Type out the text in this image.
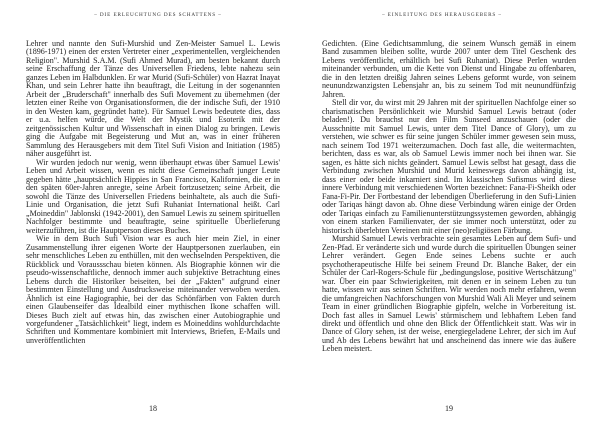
– DIE ERLEUCHTUNG DES SCHATTENS –

Lehrer und nannte den Sufi-Murshid und Zen-Meister Samuel L. Lewis (1896-1971) einen der ersten Vertreter einer „experimentellen, vergleichenden Religion". Murshid S.A.M. (Sufi Ahmed Murad), am besten bekannt durch seine Erschaffung der Tänze des Universellen Friedens, lebte nahezu sein ganzes Leben im Halbdunklen. Er war Murid (Sufi-Schüler) von Hazrat Inayat Khan, und sein Lehrer hatte ihn beauftragt, die Leitung in der sogenannten Arbeit der „Bruderschaft" innerhalb des Sufi Movement zu übernehmen (der letzten einer Reihe von Organisationsformen, die der indische Sufi, der 1910 in den Westen kam, gegründet hatte). Für Samuel Lewis bedeutete dies, dass er u.a. helfen würde, die Welt der Mystik und Esoterik mit der zeitgenössischen Kultur und Wissenschaft in einen Dialog zu bringen. Lewis ging die Aufgabe mit Begeisterung und Mut an, was in einer früheren Sammlung des Herausgebers mit dem Titel Sufi Vision and Initiation (1985) näher ausgeführt ist.

Wir wurden jedoch nur wenig, wenn überhaupt etwas über Samuel Lewis' Leben und Arbeit wissen, wenn es nicht diese Gemeinschaft junger Leute gegeben hätte „hauptsächlich Hippies in San Francisco, Kalifornien, die er in den späten 60er-Jahren anregte, seine Arbeit fortzusetzen; seine Arbeit, die sowohl die Tänze des Universellen Friedens beinhaltete, als auch die Sufi-Linie und Organisation, die jetzt Sufi Ruhaniat International heißt. Carl „Moineddin" Jablonski (1942-2001), den Samuel Lewis zu seinem spirituellen Nachfolger bestimmte und beauftragte, seine spirituelle Überlieferung weiterzuführen, ist die Hauptperson dieses Buches.

Wie in dem Buch Sufi Vision war es auch hier mein Ziel, in einer Zusammenstellung ihrer eigenen Worte der Hauptpersonen zuerlauben, ein sehr menschliches Leben zu enthüllen, mit den wechselnden Perspektiven, die Rückblick und Voraussschau bieten können. Als Biographie können wir die pseudo-wissenschaftliche, dennoch immer auch subjektive Betrachtung eines Lebens durch die Historiker beiseiten, bei der „Fakten" aufgrund einer bestimmten Einstellung und Ausdrucksweise miteinander verwoben werden. Ähnlich ist eine Hagiographie, bei der das Schönfärben von Fakten durch einen Glaubenseifer das Idealbild einer mythischen Ikone schaffen will. Dieses Buch zielt auf etwas hin, das zwischen einer Autobiographie und vorgefundener „Tatsächlichkeit" liegt, indem es Moineddins wohldurchdachte Schriften und Kommentare kombiniert mit Interviews, Briefen, E-Mails und unveröffentlichten

18
– EINLEITUNG DES HERAUSGEBERS –

Gedichten. (Eine Gedichtsammlung, die seinem Wunsch gemäß in einem Band zusammen bleiben sollte, wurde 2007 unter dem Titel Geschenk des Lebens veröffentlicht, erhältlich bei Sufi Ruhaniat). Diese Perlen wurden miteinander verbunden, um die Kette von Dienst und Hingabe zu offenbaren, die in den letzten dreißig Jahren seines Lebens geformt wurde, von seinem neunundzwanzigsten Lebensjahr an, bis zu seinem Tod mit neunundfünfzig Jahren.

Stell dir vor, du wirst mit 29 Jahren mit der spirituellen Nachfolge einer so charismatischen Persönlichkeit wie Murshid Samuel Lewis betraut (oder beladen!). Du brauchst nur den Film Sunseed anzuschauen (oder die Ausschnitte mit Samuel Lewis, unter dem Titel Dance of Glory), um zu verstehen, wie schwer es für seine jungen Schüler immer gewesen sein muss, nach seinem Tod 1971 weiterzumachen. Doch fast alle, die weitermachten, berichten, dass es war, als ob Samuel Lewis immer noch bei ihnen war. Sie sagen, es hätte sich nichts geändert. Samuel Lewis selbst hat gesagt, dass die Verbindung zwischen Murshid und Murid keineswegs davon abhängig ist, dass einer oder beide inkarniert sind. Im klassischen Sufismus wird diese innere Verbindung mit verschiedenen Worten bezeichnet: Fana-Fi-Sheikh oder Fana-Fi-Pir. Der Fortbestand der lebendigen Überlieferung in den Sufi-Linien oder Tariqas hängt davon ab. Ohne diese Verbindung wären einige der Orden oder Tariqas einfach zu Familienunterstützungssystemen geworden, abhängig von einem starken Familienvater, der sie immer noch unterstützt, oder zu historisch überlebten Vereinen mit einer (neo)religiösen Färbung.

Murshid Samuel Lewis verbrachte sein gesamtes Leben auf dem Sufi- und Zen-Pfad. Er veränderte sich und wurde durch die spirituellen Übungen seiner Lehrer verändert. Gegen Ende seines Lebens suchte er auch psychotherapeutische Hilfe bei seinem Freund Dr. Blanche Baker, der ein Schüler der Carl-Rogers-Schule für „bedingungslose, positive Wertschätzung" war. Über ein paar Schwierigkeiten, mit denen er in seinem Leben zu tun hatte, wissen wir aus seinen Schriften. Wir werden noch mehr erfahren, wenn die umfangreichen Nachforschungen von Murshid Wali Ali Meyer und seinem Team in einer gründlichen Biographie gipfeln, welche in Vorbereitung ist. Doch fast alles in Samuel Lewis' stürmischem und lebhaftem Leben fand direkt und öffentlich und ohne den Blick der Öffentlichkeit statt. Was wir in Dance of Glory sehen, ist der weise, energiegeladene Lehrer, der sich im Auf und Ab des Lebens bewährt hat und anscheinend das innere wie das äußere Leben meistert.

19
